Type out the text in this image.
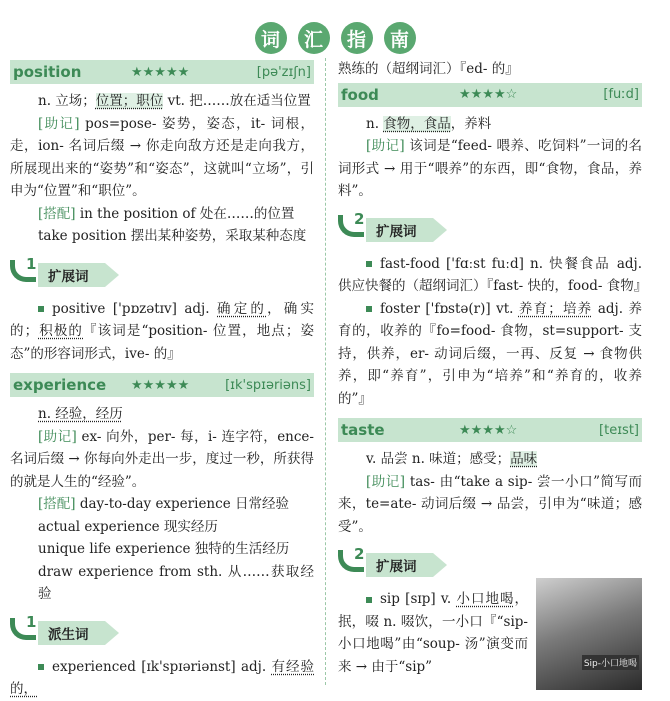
词	汇	指	南
position	★★★★★	[pə'zɪʃn]

n. 立场；位置；职位 vt. 把……放在适当位置

[助记] pos=pose- 姿势，姿态，it- 词根，走，ion- 名词后缀 → 你走向敌方还是走向我方，所展现出来的“姿势”和“姿态”，这就叫“立场”，引申为“位置”和“职位”。

[搭配] in the position of 处在……的位置

take position 摆出某种姿势，采取某种态度

1
扩展词

positive ['pɒzətɪv] adj. 确定的，确实的；积极的『该词是“position- 位置，地点；姿态”的形容词形式，ive- 的』

experience	★★★★★	[ɪk'spɪəriəns]

n. 经验，经历

[助记] ex- 向外，per- 每，i- 连字符，ence- 名词后缀 → 你每向外走出一步，度过一秒，所获得的就是人生的“经验”。

[搭配] day-to-day experience 日常经验

actual experience 现实经历

unique life experience 独特的生活经历

draw experience from sth. 从……获取经验

1
派生词

experienced [ɪk'spɪəriənst] adj. 有经验的，

熟练的（超纲词汇）『ed- 的』

food	★★★★☆	[fuːd]

n. 食物，食品，养料

[助记] 该词是“feed- 喂养、吃饲料”一词的名词形式 → 用于“喂养”的东西，即“食物，食品，养料”。

2
扩展词

fast-food ['fɑːst fuːd] n. 快餐食品 adj. 供应快餐的（超纲词汇）『fast- 快的，food- 食物』

foster ['fɒstə(r)] vt. 养育；培养 adj. 养育的，收养的『fo=food- 食物，st=support- 支持，供养，er- 动词后缀，一再、反复 → 食物供养，即“养育”，引申为“培养”和“养育的，收养的”』

taste	★★★★☆	[teɪst]

v. 品尝 n. 味道；感受；品味

[助记] tas- 由“take a sip- 尝一小口”简写而来，te=ate- 动词后缀 → 品尝，引申为“味道；感受”。

2
扩展词

sip [sɪp] v. 小口地喝，抿，啜 n. 啜饮，一小口『“sip- 小口地喝”由“soup- 汤”演变而来 → 由于“sip”	Sip-小口地喝
